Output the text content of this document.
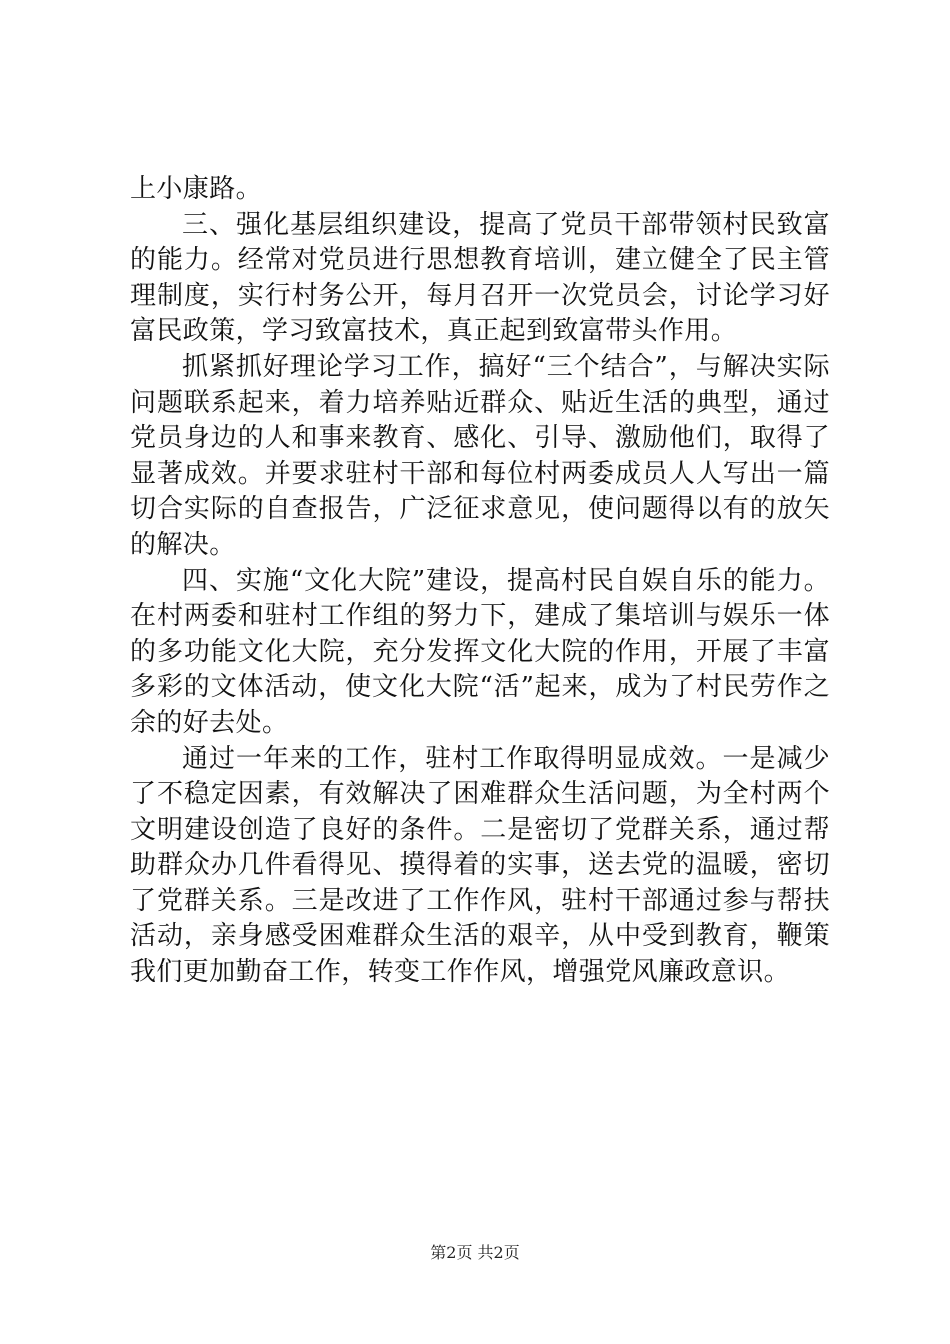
上小康路。

三、强化基层组织建设，提高了党员干部带领村民致富的能力。经常对党员进行思想教育培训，建立健全了民主管理制度，实行村务公开，每月召开一次党员会，讨论学习好富民政策，学习致富技术，真正起到致富带头作用。

抓紧抓好理论学习工作，搞好“三个结合”，与解决实际问题联系起来，着力培养贴近群众、贴近生活的典型，通过党员身边的人和事来教育、感化、引导、激励他们，取得了显著成效。并要求驻村干部和每位村两委成员人人写出一篇切合实际的自查报告，广泛征求意见，使问题得以有的放矢的解决。

四、实施“文化大院”建设，提高村民自娱自乐的能力。在村两委和驻村工作组的努力下，建成了集培训与娱乐一体的多功能文化大院，充分发挥文化大院的作用，开展了丰富多彩的文体活动，使文化大院“活”起来，成为了村民劳作之余的好去处。

通过一年来的工作，驻村工作取得明显成效。一是减少了不稳定因素，有效解决了困难群众生活问题，为全村两个文明建设创造了良好的条件。二是密切了党群关系，通过帮助群众办几件看得见、摸得着的实事，送去党的温暖，密切了党群关系。三是改进了工作作风，驻村干部通过参与帮扶活动，亲身感受困难群众生活的艰辛，从中受到教育，鞭策我们更加勤奋工作，转变工作作风，增强党风廉政意识。

第2页 共2页
